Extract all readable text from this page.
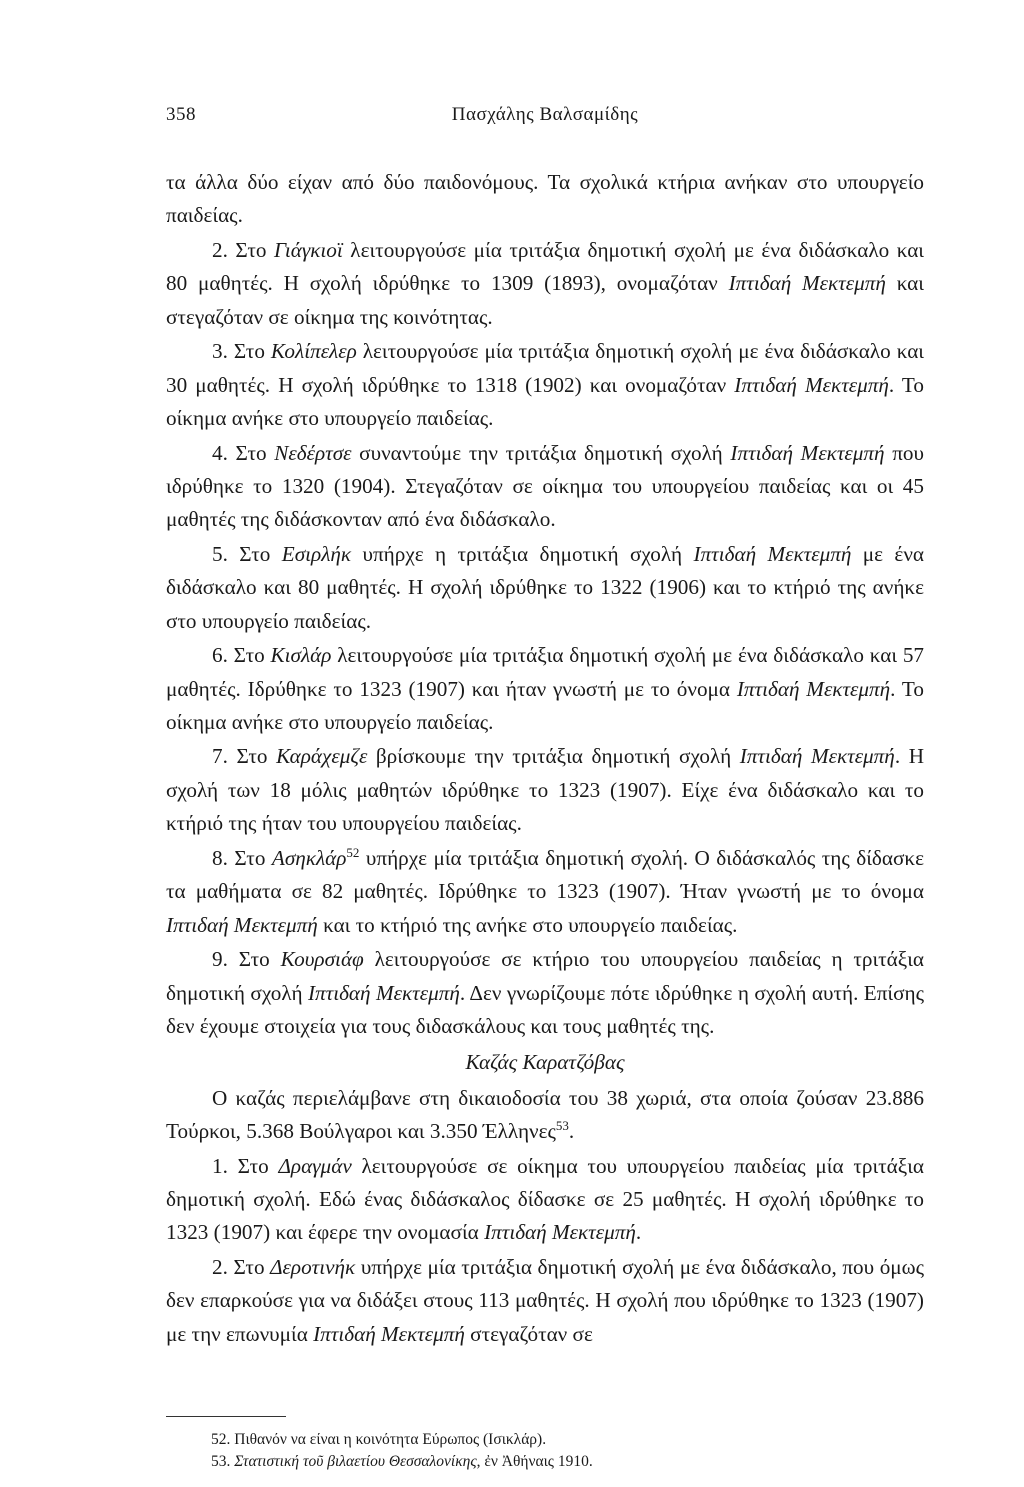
358	Πασχάλης Βαλσαμίδης

τα άλλα δύο είχαν από δύο παιδονόμους. Τα σχολικά κτήρια ανήκαν στο υπουργείο παιδείας.

2. Στο Γιάγκιοϊ λειτουργούσε μία τριτάξια δημοτική σχολή με ένα διδάσκαλο και 80 μαθητές. Η σχολή ιδρύθηκε το 1309 (1893), ονομαζόταν Ιπτιδαή Μεκτεμπή και στεγαζόταν σε οίκημα της κοινότητας.

3. Στο Κολίπελερ λειτουργούσε μία τριτάξια δημοτική σχολή με ένα διδάσκαλο και 30 μαθητές. Η σχολή ιδρύθηκε το 1318 (1902) και ονομαζόταν Ιπτιδαή Μεκτεμπή. Το οίκημα ανήκε στο υπουργείο παιδείας.

4. Στο Νεδέρτσε συναντούμε την τριτάξια δημοτική σχολή Ιπτιδαή Μεκτεμπή που ιδρύθηκε το 1320 (1904). Στεγαζόταν σε οίκημα του υπουργείου παιδείας και οι 45 μαθητές της διδάσκονταν από ένα διδάσκαλο.

5. Στο Εσιρλήκ υπήρχε η τριτάξια δημοτική σχολή Ιπτιδαή Μεκτεμπή με ένα διδάσκαλο και 80 μαθητές. Η σχολή ιδρύθηκε το 1322 (1906) και το κτήριό της ανήκε στο υπουργείο παιδείας.

6. Στο Κισλάρ λειτουργούσε μία τριτάξια δημοτική σχολή με ένα διδάσκαλο και 57 μαθητές. Ιδρύθηκε το 1323 (1907) και ήταν γνωστή με το όνομα Ιπτιδαή Μεκτεμπή. Το οίκημα ανήκε στο υπουργείο παιδείας.

7. Στο Καράχεμζε βρίσκουμε την τριτάξια δημοτική σχολή Ιπτιδαή Μεκτεμπή. Η σχολή των 18 μόλις μαθητών ιδρύθηκε το 1323 (1907). Είχε ένα διδάσκαλο και το κτήριό της ήταν του υπουργείου παιδείας.

8. Στο Ασηκλάρ$^{52}$ υπήρχε μία τριτάξια δημοτική σχολή. Ο διδάσκαλός της δίδασκε τα μαθήματα σε 82 μαθητές. Ιδρύθηκε το 1323 (1907). Ήταν γνωστή με το όνομα Ιπτιδαή Μεκτεμπή και το κτήριό της ανήκε στο υπουργείο παιδείας.

9. Στο Κουρσιάφ λειτουργούσε σε κτήριο του υπουργείου παιδείας η τριτάξια δημοτική σχολή Ιπτιδαή Μεκτεμπή. Δεν γνωρίζουμε πότε ιδρύθηκε η σχολή αυτή. Επίσης δεν έχουμε στοιχεία για τους διδασκάλους και τους μαθητές της.

Καζάς Καρατζόβας

Ο καζάς περιελάμβανε στη δικαιοδοσία του 38 χωριά, στα οποία ζούσαν 23.886 Τούρκοι, 5.368 Βούλγαροι και 3.350 Έλληνες$^{53}$.

1. Στο Δραγμάν λειτουργούσε σε οίκημα του υπουργείου παιδείας μία τριτάξια δημοτική σχολή. Εδώ ένας διδάσκαλος δίδασκε σε 25 μαθητές. Η σχολή ιδρύθηκε το 1323 (1907) και έφερε την ονομασία Ιπτιδαή Μεκτεμπή.

2. Στο Δεροτινήκ υπήρχε μία τριτάξια δημοτική σχολή με ένα διδάσκαλο, που όμως δεν επαρκούσε για να διδάξει στους 113 μαθητές. Η σχολή που ιδρύθηκε το 1323 (1907) με την επωνυμία Ιπτιδαή Μεκτεμπή στεγαζόταν σε

52. Πιθανόν να είναι η κοινότητα Εύρωπος (Ισικλάρ).
53. Στατιστική τοῦ βιλαετίου Θεσσαλονίκης, ἐν Ἀθήναις 1910.
